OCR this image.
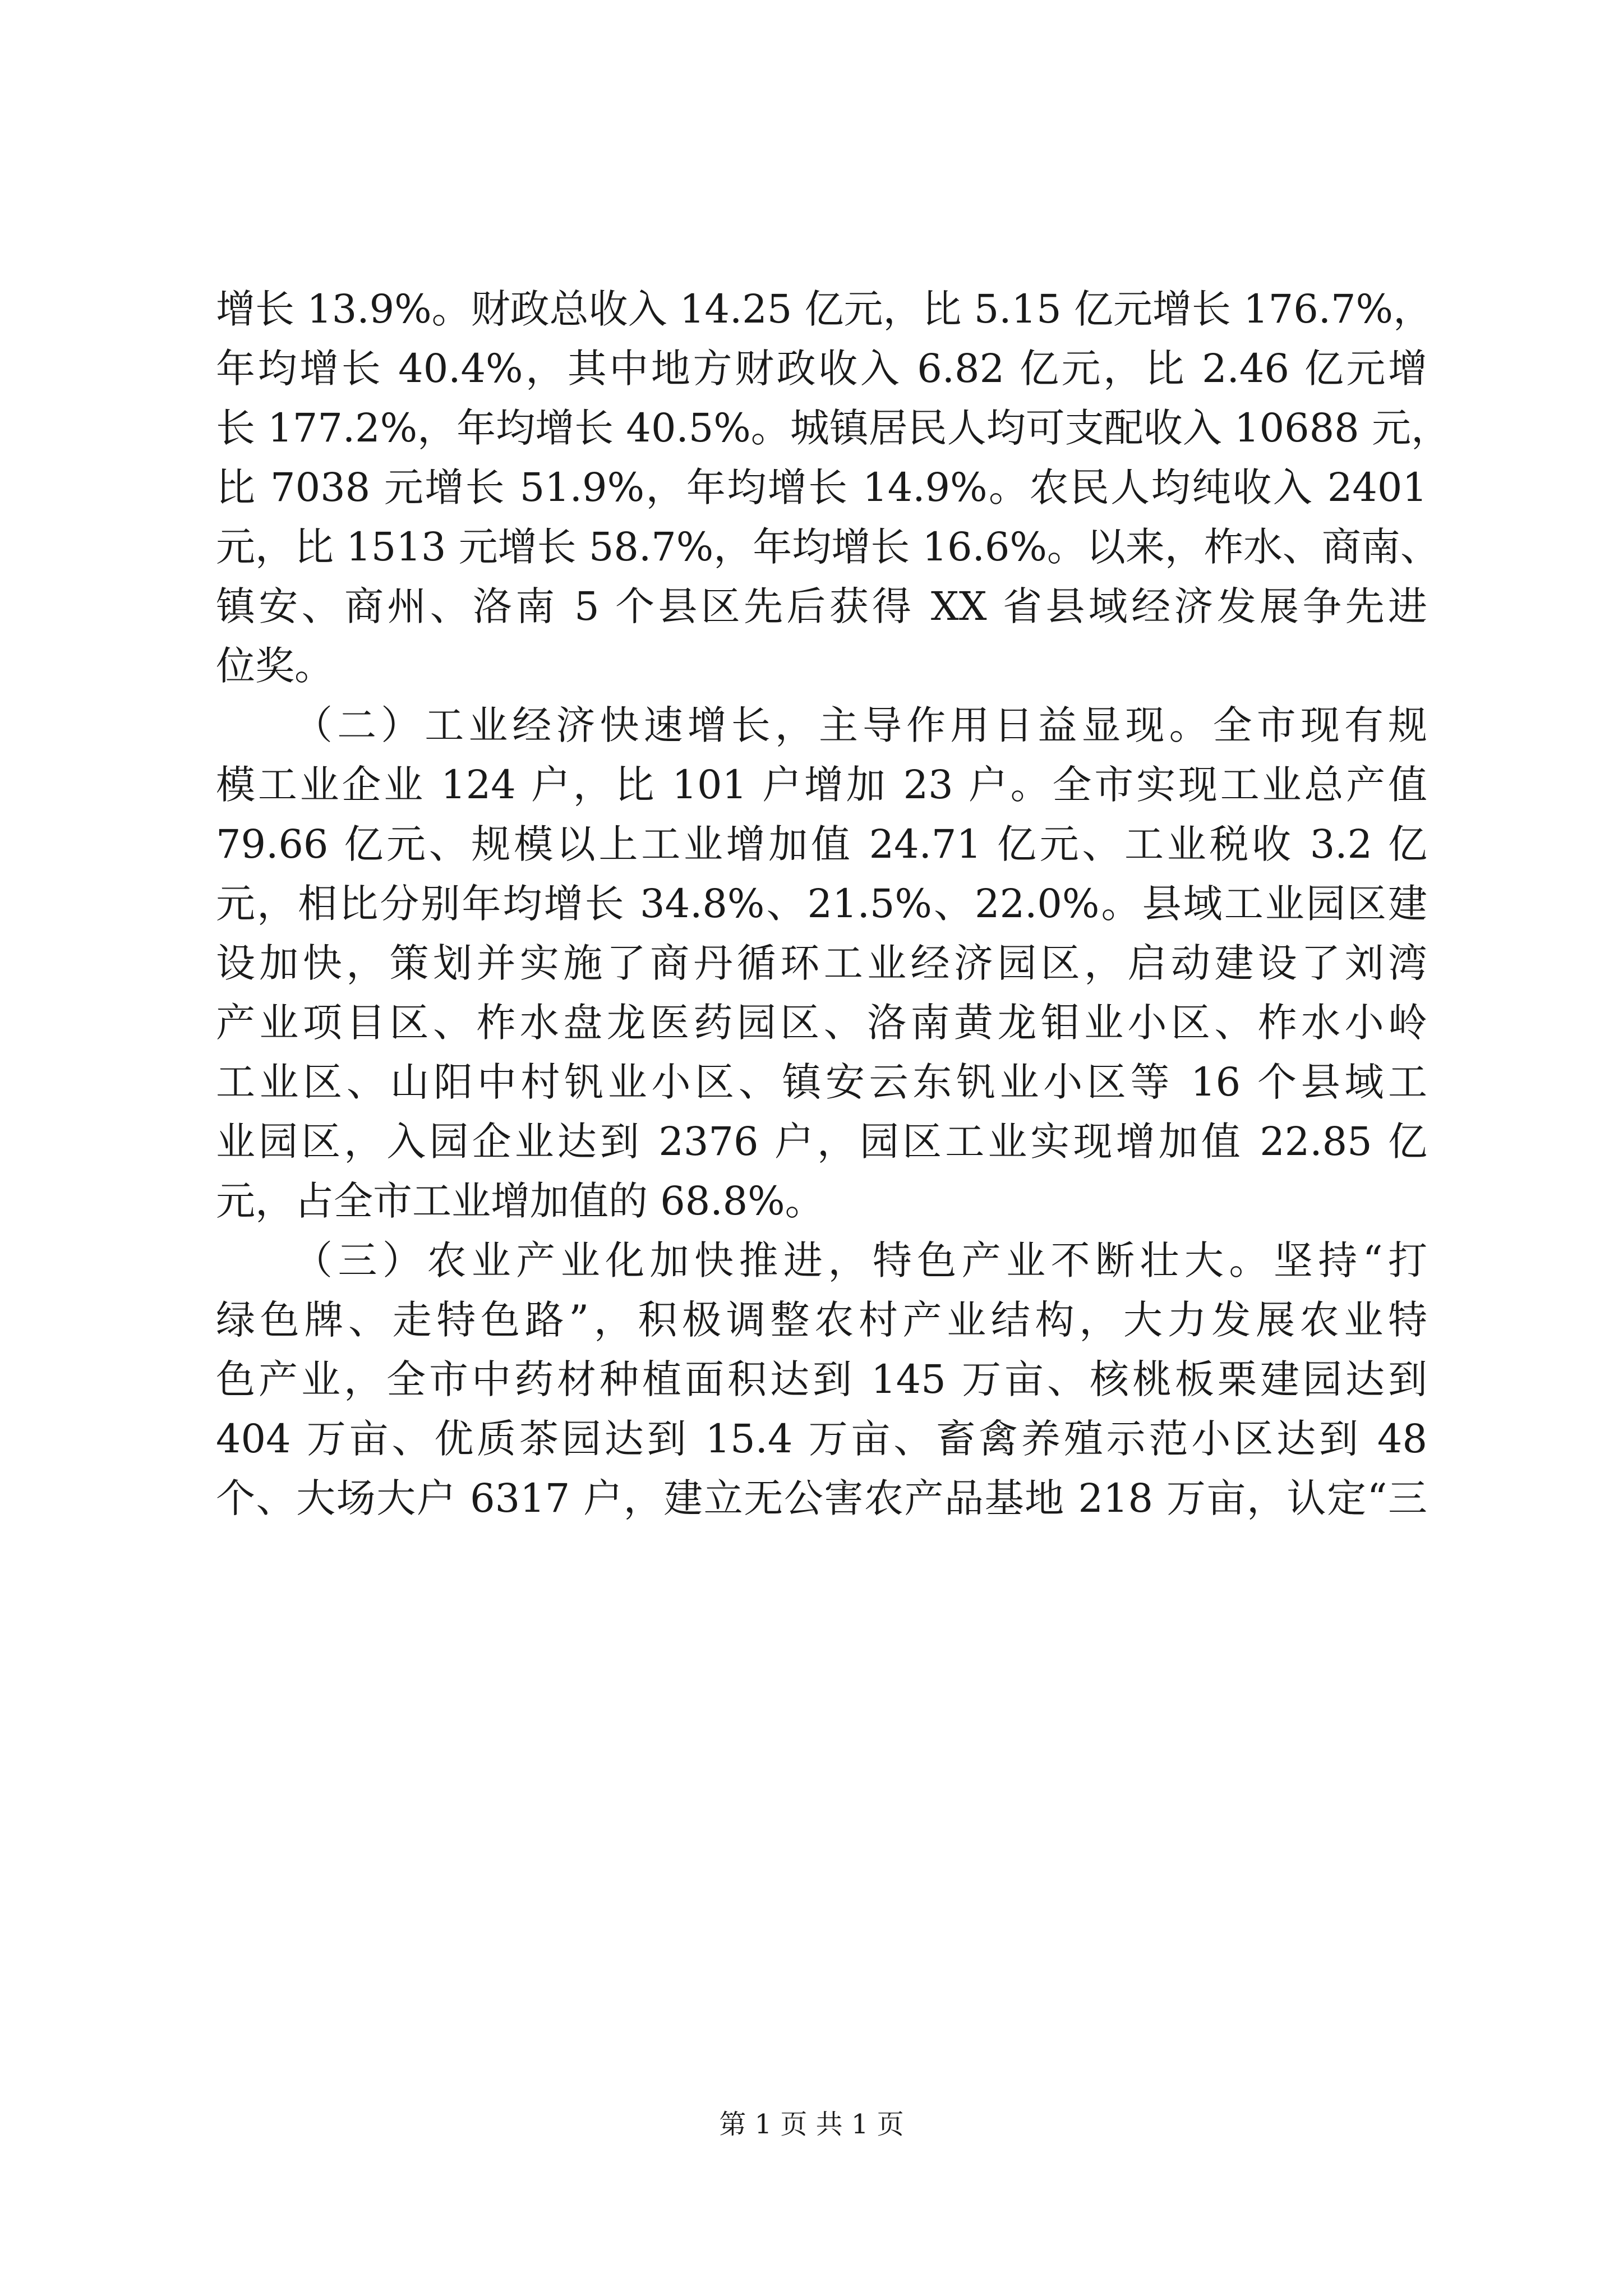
增长 13.9%。财政总收入 14.25 亿元，比 5.15 亿元增长 176.7%，
年均增长 40.4%，其中地方财政收入 6.82 亿元，比 2.46 亿元增
长 177.2%，年均增长 40.5%。城镇居民人均可支配收入 10688 元，
比 7038 元增长 51.9%，年均增长 14.9%。农民人均纯收入 2401
元，比 1513 元增长 58.7%，年均增长 16.6%。以来，柞水、商南、
镇安、商州、洛南 5 个县区先后获得 XX 省县域经济发展争先进
位奖。
（二）工业经济快速增长，主导作用日益显现。全市现有规
模工业企业 124 户，比 101 户增加 23 户。全市实现工业总产值
79.66 亿元、规模以上工业增加值 24.71 亿元、工业税收 3.2 亿
元，相比分别年均增长 34.8%、21.5%、22.0%。县域工业园区建
设加快，策划并实施了商丹循环工业经济园区，启动建设了刘湾
产业项目区、柞水盘龙医药园区、洛南黄龙钼业小区、柞水小岭
工业区、山阳中村钒业小区、镇安云东钒业小区等 16 个县域工
业园区，入园企业达到 2376 户，园区工业实现增加值 22.85 亿
元，占全市工业增加值的 68.8%。
（三）农业产业化加快推进，特色产业不断壮大。坚持“打
绿色牌、走特色路”，积极调整农村产业结构，大力发展农业特
色产业，全市中药材种植面积达到 145 万亩、核桃板栗建园达到
404 万亩、优质茶园达到 15.4 万亩、畜禽养殖示范小区达到 48
个、大场大户 6317 户，建立无公害农产品基地 218 万亩，认定“三
第 1 页 共 1 页
